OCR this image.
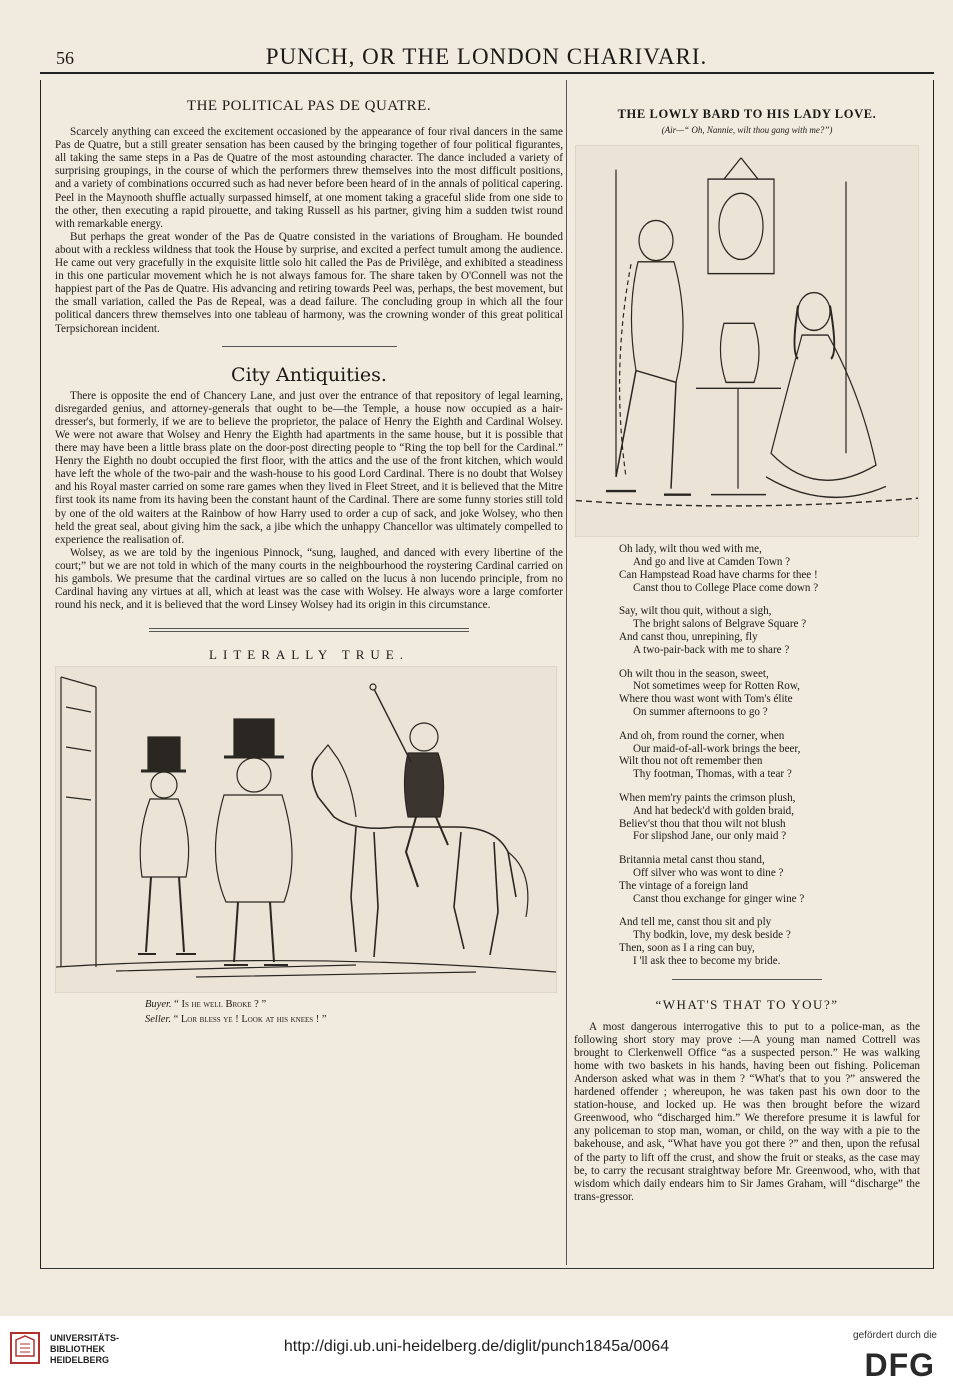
56	PUNCH, OR THE LONDON CHARIVARI.
THE POLITICAL PAS DE QUATRE.

Scarcely anything can exceed the excitement occasioned by the appearance of four rival dancers in the same Pas de Quatre, but a still greater sensation has been caused by the bringing together of four political figurantes, all taking the same steps in a Pas de Quatre of the most astounding character. The dance included a variety of surprising groupings, in the course of which the performers threw themselves into the most difficult positions, and a variety of combinations occurred such as had never before been heard of in the annals of political capering. Peel in the Maynooth shuffle actually surpassed himself, at one moment taking a graceful slide from one side to the other, then executing a rapid pirouette, and taking Russell as his partner, giving him a sudden twist round with remarkable energy.

But perhaps the great wonder of the Pas de Quatre consisted in the variations of Brougham. He bounded about with a reckless wildness that took the House by surprise, and excited a perfect tumult among the audience. He came out very gracefully in the exquisite little solo hit called the Pas de Privilège, and exhibited a steadiness in this one particular movement which he is not always famous for. The share taken by O'Connell was not the happiest part of the Pas de Quatre. His advancing and retiring towards Peel was, perhaps, the best movement, but the small variation, called the Pas de Repeal, was a dead failure. The concluding group in which all the four political dancers threw themselves into one tableau of harmony, was the crowning wonder of this great political Terpsichorean incident.

City Antiquities.

There is opposite the end of Chancery Lane, and just over the entrance of that repository of legal learning, disregarded genius, and attorney-generals that ought to be—the Temple, a house now occupied as a hair-dresser's, but formerly, if we are to believe the proprietor, the palace of Henry the Eighth and Cardinal Wolsey. We were not aware that Wolsey and Henry the Eighth had apartments in the same house, but it is possible that there may have been a little brass plate on the door-post directing people to “Ring the top bell for the Cardinal.” Henry the Eighth no doubt occupied the first floor, with the attics and the use of the front kitchen, which would have left the whole of the two-pair and the wash-house to his good Lord Cardinal. There is no doubt that Wolsey and his Royal master carried on some rare games when they lived in Fleet Street, and it is believed that the Mitre first took its name from its having been the constant haunt of the Cardinal. There are some funny stories still told by one of the old waiters at the Rainbow of how Harry used to order a cup of sack, and joke Wolsey, who then held the great seal, about giving him the sack, a jibe which the unhappy Chancellor was ultimately compelled to experience the realisation of.

Wolsey, as we are told by the ingenious Pinnock, “sung, laughed, and danced with every libertine of the court;” but we are not told in which of the many courts in the neighbourhood the roystering Cardinal carried on his gambols. We presume that the cardinal virtues are so called on the lucus à non lucendo principle, from no Cardinal having any virtues at all, which at least was the case with Wolsey. He always wore a large comforter round his neck, and it is believed that the word Linsey Wolsey had its origin in this circumstance.

LITERALLY TRUE.
Buyer. “ Is he well Broke ? ”
Seller. “ Lor bless ye ! Look at his knees ! ”
THE LOWLY BARD TO HIS LADY LOVE.
(Air—“ Oh, Nannie, wilt thou gang with me?”)
Oh lady, wilt thou wed with me,
And go and live at Camden Town ?
Can Hampstead Road have charms for thee !
Canst thou to College Place come down ?
Say, wilt thou quit, without a sigh,
The bright salons of Belgrave Square ?
And canst thou, unrepining, fly
A two-pair-back with me to share ?
Oh wilt thou in the season, sweet,
Not sometimes weep for Rotten Row,
Where thou wast wont with Tom's élite
On summer afternoons to go ?
And oh, from round the corner, when
Our maid-of-all-work brings the beer,
Wilt thou not oft remember then
Thy footman, Thomas, with a tear ?
When mem'ry paints the crimson plush,
And hat bedeck'd with golden braid,
Believ'st thou that thou wilt not blush
For slipshod Jane, our only maid ?
Britannia metal canst thou stand,
Off silver who was wont to dine ?
The vintage of a foreign land
Canst thou exchange for ginger wine ?
And tell me, canst thou sit and ply
Thy bodkin, love, my desk beside ?
Then, soon as I a ring can buy,
I 'll ask thee to become my bride.
“WHAT'S THAT TO YOU?”

A most dangerous interrogative this to put to a police-man, as the following short story may prove :—A young man named Cottrell was brought to Clerkenwell Office “as a suspected person.” He was walking home with two baskets in his hands, having been out fishing. Policeman Anderson asked what was in them ? “What's that to you ?” answered the hardened offender ; whereupon, he was taken past his own door to the station-house, and locked up. He was then brought before the wizard Greenwood, who “discharged him.” We therefore presume it is lawful for any policeman to stop man, woman, or child, on the way with a pie to the bakehouse, and ask, “What have you got there ?” and then, upon the refusal of the party to lift off the crust, and show the fruit or steaks, as the case may be, to carry the recusant straightway before Mr. Greenwood, who, with that wisdom which daily endears him to Sir James Graham, will “discharge” the trans-gressor.

UNIVERSITÄTS-
BIBLIOTHEK
HEIDELBERG
http://digi.ub.uni-heidelberg.de/diglit/punch1845a/0064
gefördert durch die
DFG
